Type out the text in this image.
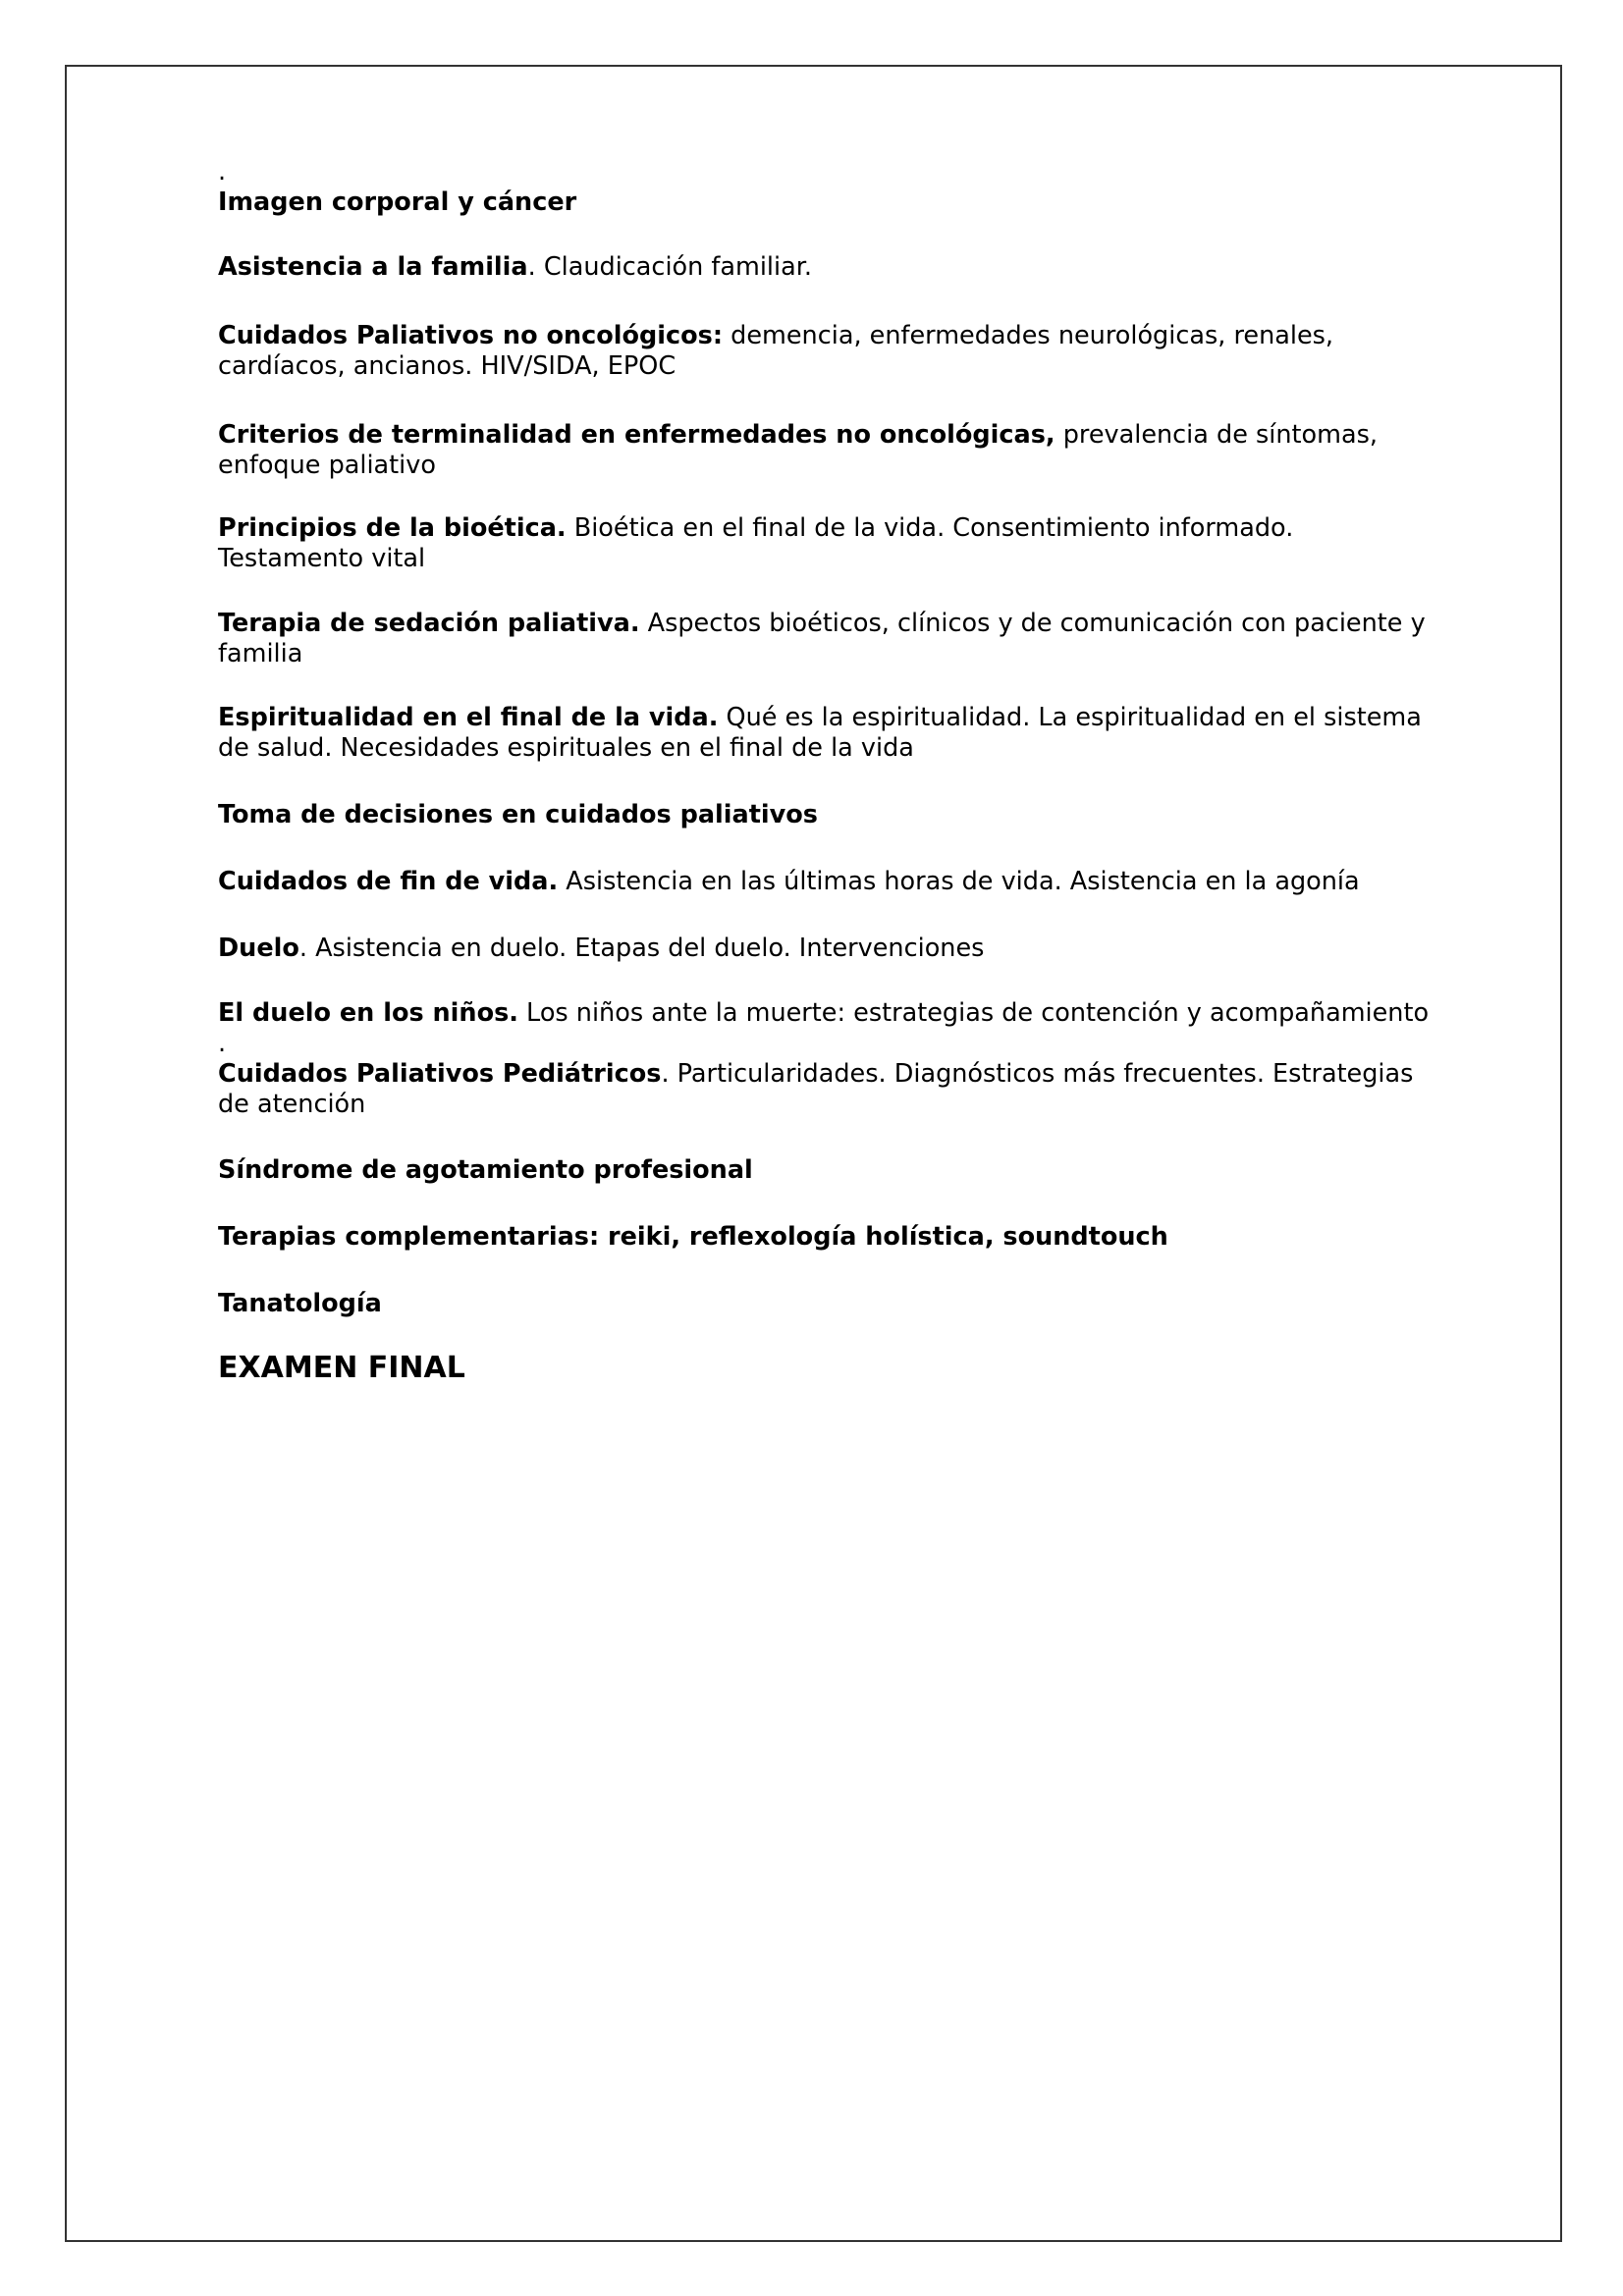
.

Imagen corporal y cáncer

Asistencia a la familia. Claudicación familiar.

Cuidados Paliativos no oncológicos: demencia, enfermedades neurológicas, renales, cardíacos, ancianos. HIV/SIDA, EPOC

Criterios de terminalidad en enfermedades no oncológicas, prevalencia de síntomas, enfoque paliativo

Principios de la bioética. Bioética en el final de la vida. Consentimiento informado. Testamento vital

Terapia de sedación paliativa. Aspectos bioéticos, clínicos y de comunicación con paciente y familia

Espiritualidad en el final de la vida. Qué es la espiritualidad. La espiritualidad en el sistema de salud. Necesidades espirituales en el final de la vida

Toma de decisiones en cuidados paliativos

Cuidados de fin de vida. Asistencia en las últimas horas de vida. Asistencia en la agonía

Duelo. Asistencia en duelo. Etapas del duelo. Intervenciones

El duelo en los niños. Los niños ante la muerte: estrategias de contención y acompañamiento

.

Cuidados Paliativos Pediátricos. Particularidades. Diagnósticos más frecuentes. Estrategias de atención

Síndrome de agotamiento profesional

Terapias complementarias: reiki, reflexología holística, soundtouch

Tanatología

EXAMEN FINAL
